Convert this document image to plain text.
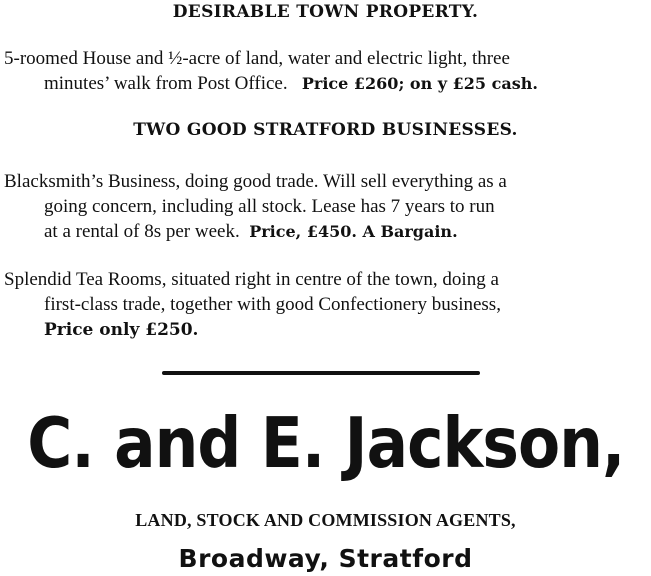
DESIRABLE TOWN PROPERTY.
5-roomed House and ½-acre of land, water and electric light, three
minutes’ walk from Post Office. Price £260; on y £25 cash.
TWO GOOD STRATFORD BUSINESSES.
Blacksmith’s Business, doing good trade. Will sell everything as a
going concern, including all stock. Lease has 7 years to run
at a rental of 8s per week. Price, £450. A Bargain.
Splendid Tea Rooms, situated right in centre of the town, doing a
first-class trade, together with good Confectionery business,
Price only £250.
C. and E. Jackson,
LAND, STOCK AND COMMISSION AGENTS,
Broadway, Stratford
